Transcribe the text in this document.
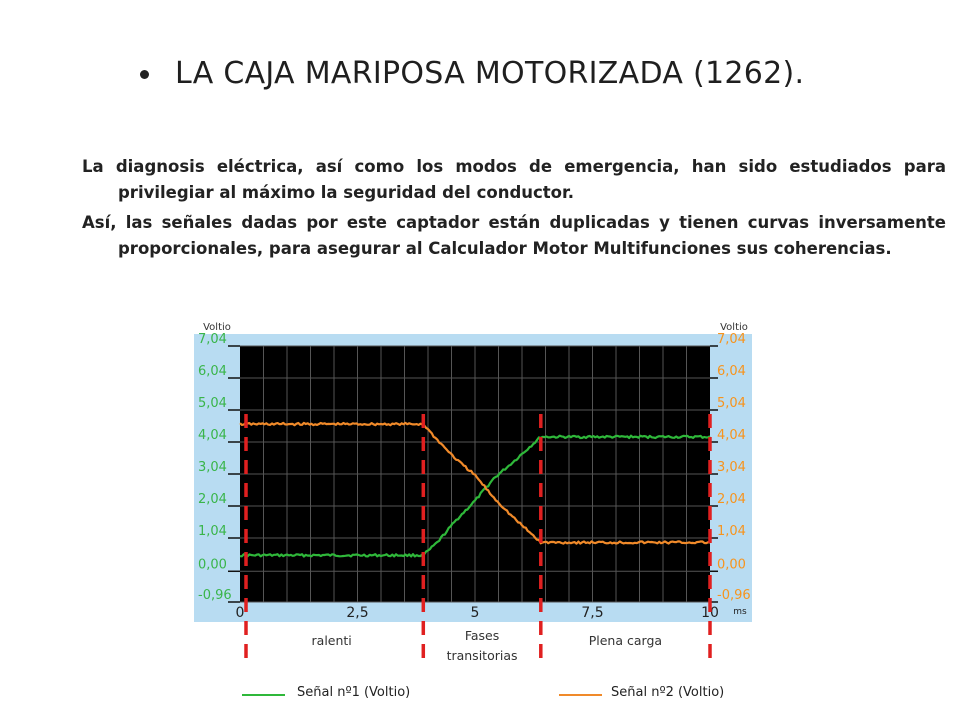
LA CAJA MARIPOSA MOTORIZADA (1262).

La diagnosis eléctrica, así como los modos de emergencia, han sido estudiados para privilegiar al máximo la seguridad del conductor.

Así, las señales dadas por este captador están duplicadas y tienen curvas inversamente proporcionales, para asegurar al Calculador Motor Multifunciones sus coherencias.

Voltio	Voltio
7,04	7,04
6,04	6,04
5,04	5,04
4,04	4,04
3,04	3,04
2,04	2,04
1,04	1,04
0,00	0,00
-0,96	-0,96
0	2,5	5	7,5	10 ms
ralenti	Fases
transitorias
Plena carga
Señal nº1 (Voltio)	Señal nº2 (Voltio)
